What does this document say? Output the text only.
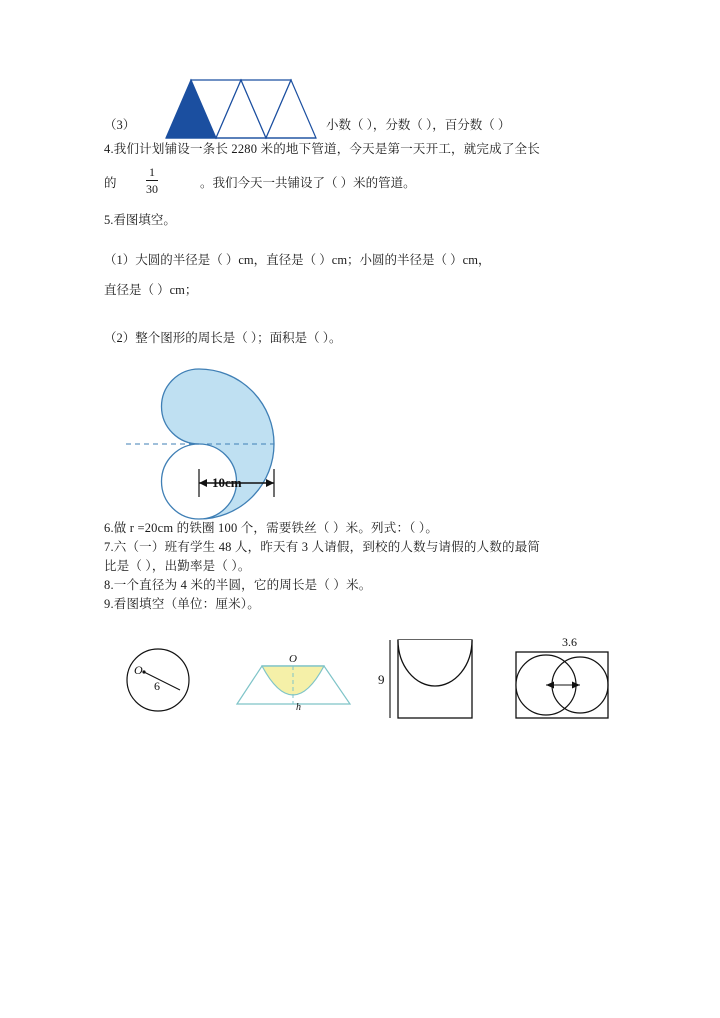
（3）	小数（ ），分数（ ），百分数（ ）
4.我们计划铺设一条长 2280 米的地下管道，今天是第一天开工，就完成了全长
的 $\frac{1}{30}$	。我们今天一共铺设了（ ）米的管道。
5.看图填空。
（1）大圆的半径是（ ）cm，直径是（ ）cm；小圆的半径是（ ）cm，
直径是（ ）cm；
（2）整个图形的周长是（ ）；面积是（ ）。
10cm
6.做 r =20cm 的铁圈 100 个，需要铁丝（ ）米。列式：（ ）。
7.六（一）班有学生 48 人，昨天有 3 人请假，到校的人数与请假的人数的最简
比是（ ），出勤率是（ ）。
8.一个直径为 4 米的半圆，它的周长是（ ）米。
9.看图填空（单位：厘米）。
O
6
O
h
9
3.6
